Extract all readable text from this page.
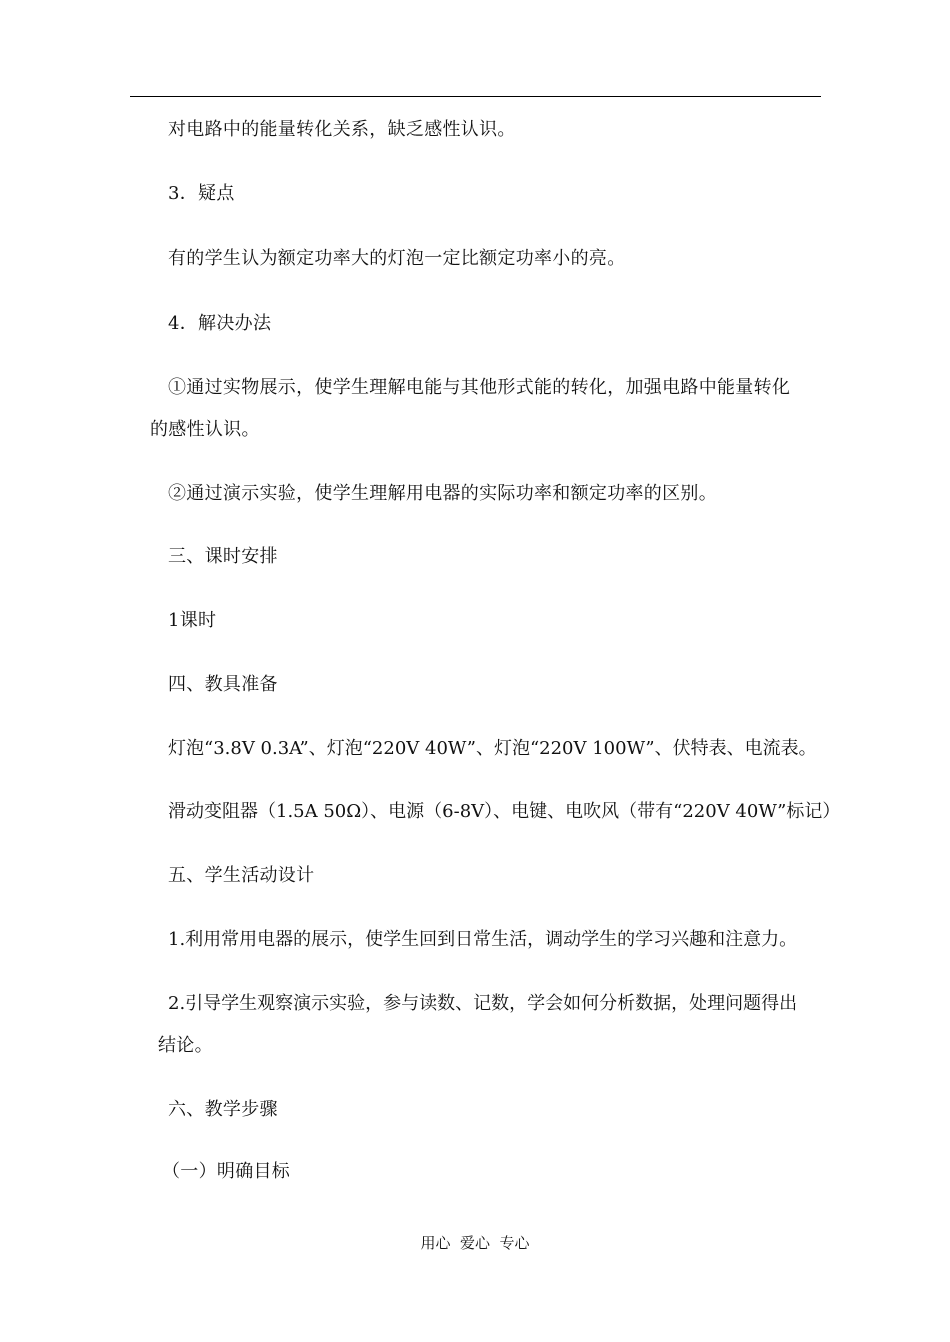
对电路中的能量转化关系，缺乏感性认识。
3．疑点
有的学生认为额定功率大的灯泡一定比额定功率小的亮。
4．解决办法
①通过实物展示，使学生理解电能与其他形式能的转化，加强电路中能量转化
的感性认识。
②通过演示实验，使学生理解用电器的实际功率和额定功率的区别。
三、课时安排
1课时
四、教具准备
灯泡“3.8V 0.3A”、灯泡“220V 40W”、灯泡“220V 100W”、伏特表、电流表。
滑动变阻器（1.5A 50Ω）、电源（6-8V）、电键、电吹风（带有“220V 40W”标记）
五、学生活动设计
1.利用常用电器的展示，使学生回到日常生活，调动学生的学习兴趣和注意力。
2.引导学生观察演示实验，参与读数、记数，学会如何分析数据，处理问题得出
结论。
六、教学步骤
（一）明确目标
用心  爱心  专心
